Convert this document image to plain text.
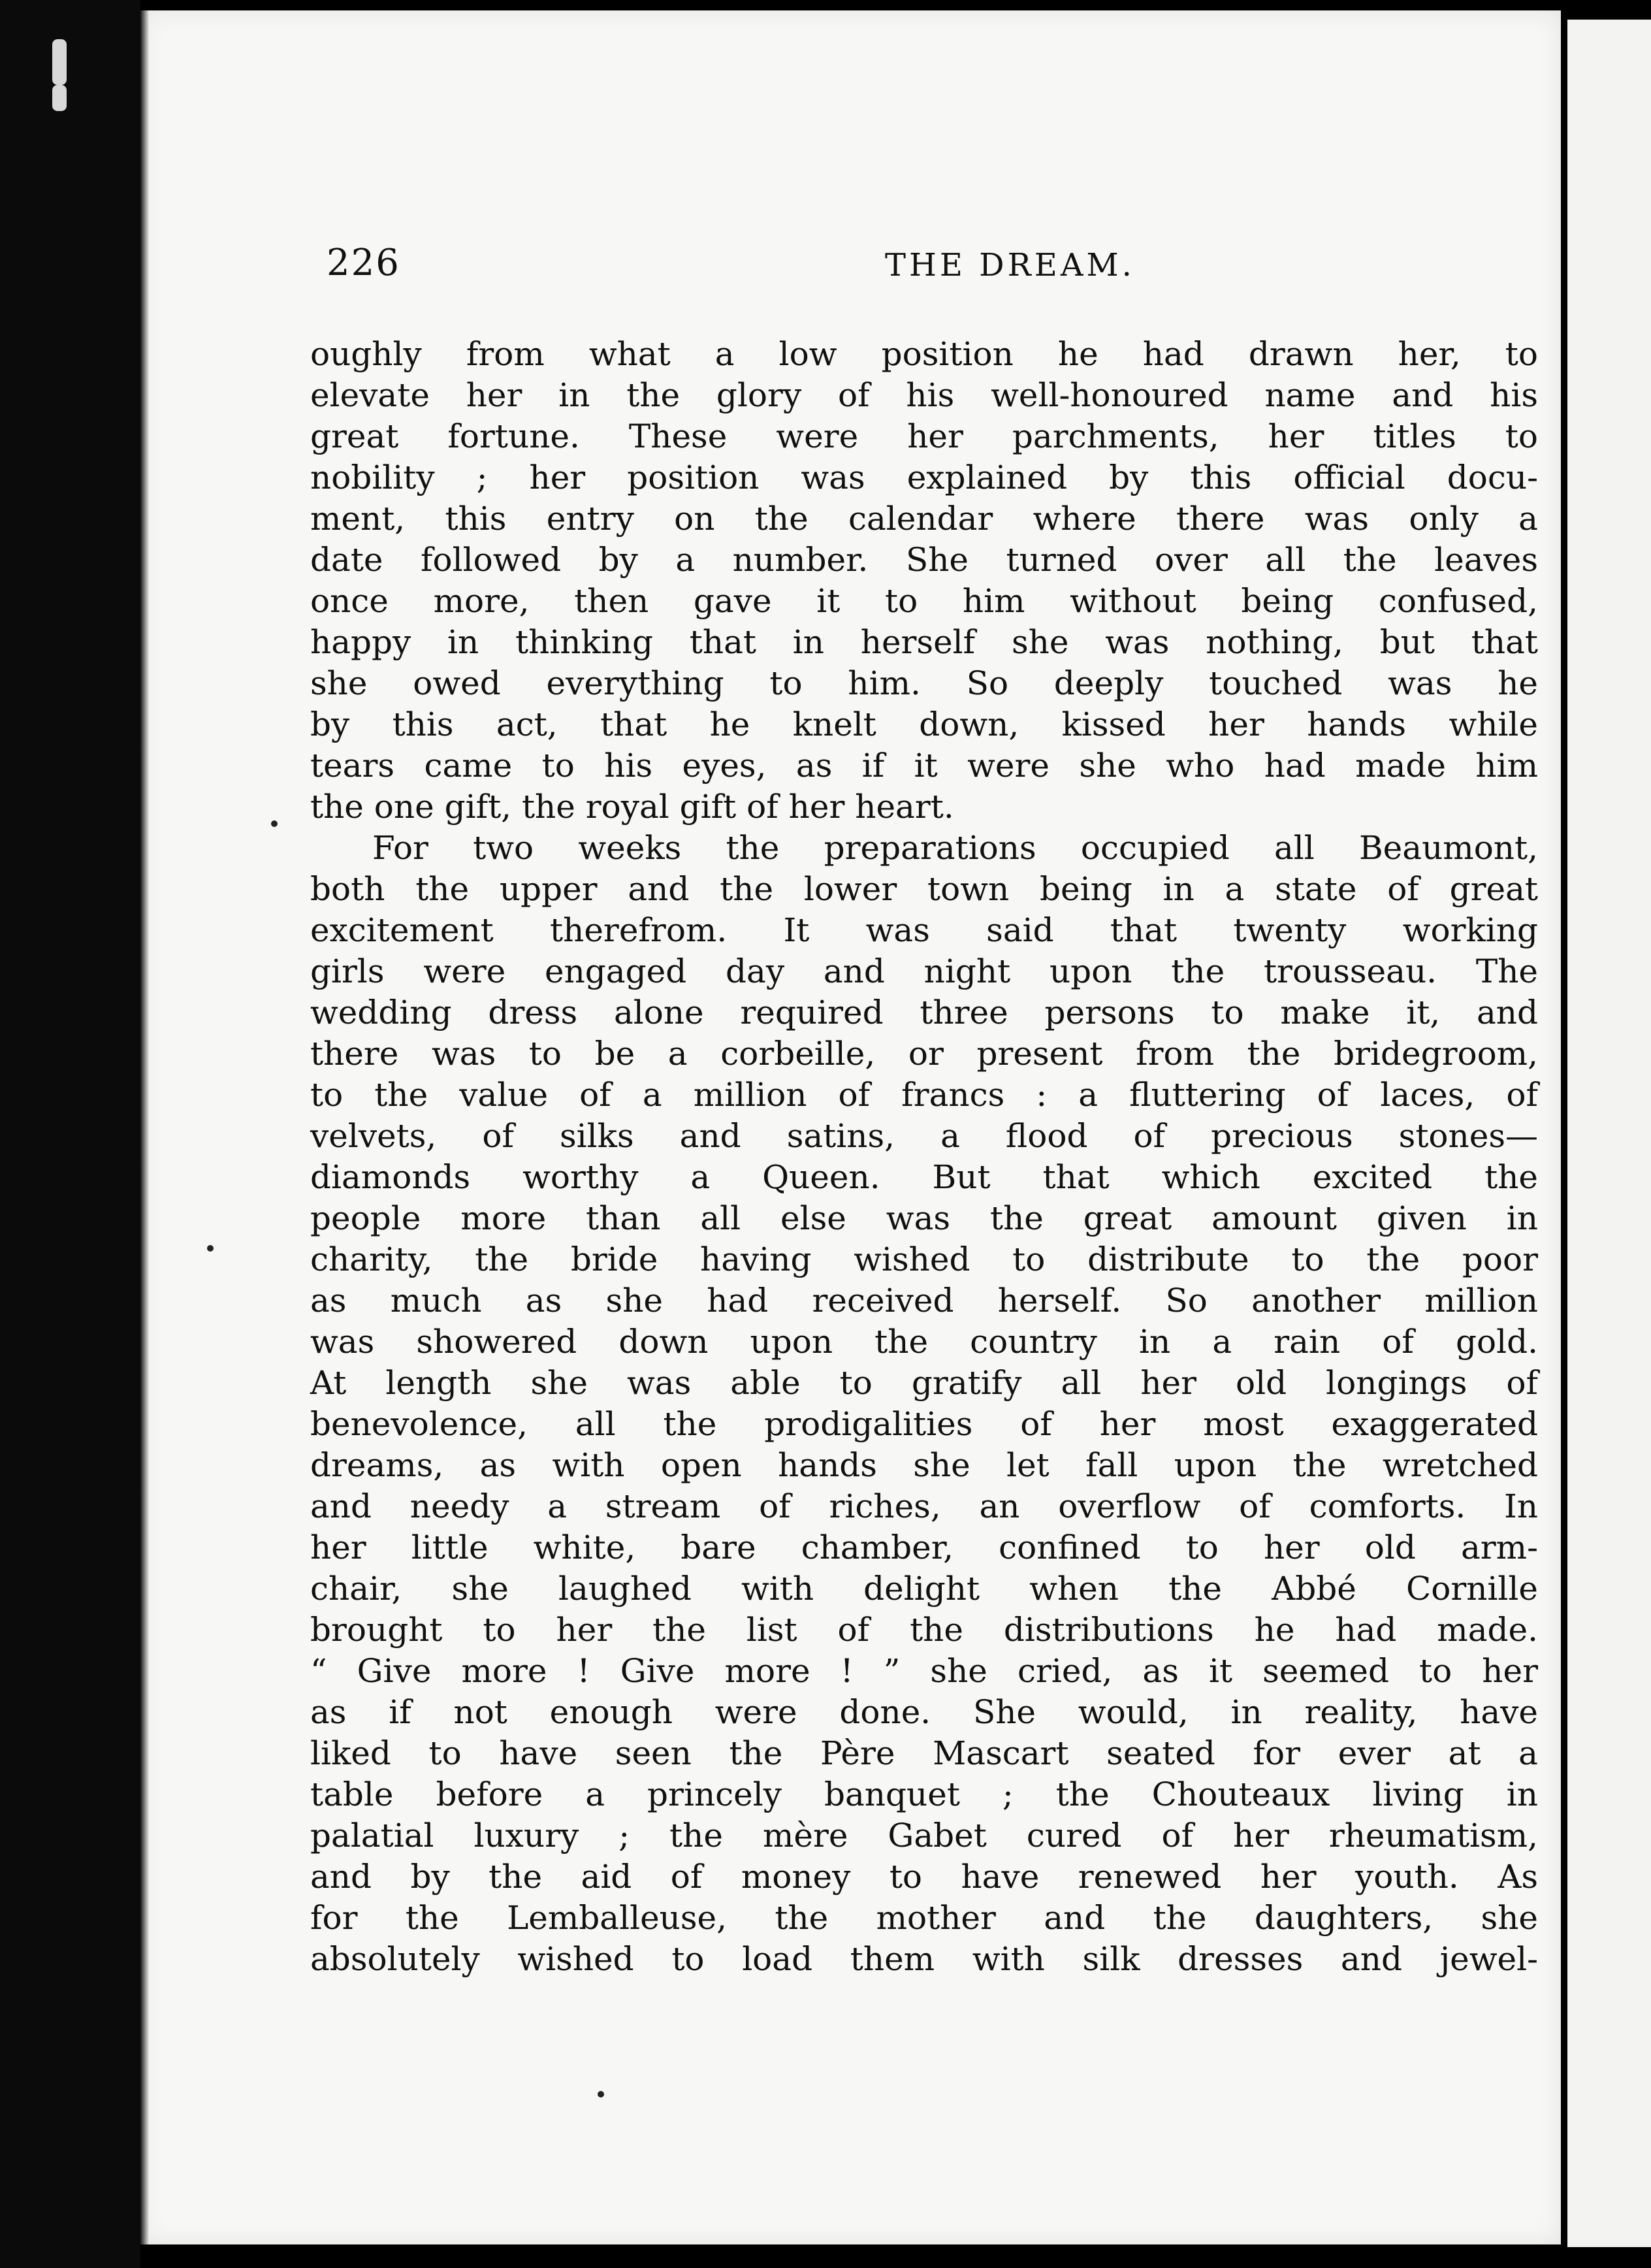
226	THE DREAM.
oughly from what a low position he had drawn her, to
elevate her in the glory of his well-honoured name and his
great fortune. These were her parchments, her titles to
nobility ; her position was explained by this official docu-
ment, this entry on the calendar where there was only a
date followed by a number. She turned over all the leaves
once more, then gave it to him without being confused,
happy in thinking that in herself she was nothing, but that
she owed everything to him. So deeply touched was he
by this act, that he knelt down, kissed her hands while
tears came to his eyes, as if it were she who had made him
the one gift, the royal gift of her heart.
For two weeks the preparations occupied all Beaumont,
both the upper and the lower town being in a state of great
excitement therefrom. It was said that twenty working
girls were engaged day and night upon the trousseau. The
wedding dress alone required three persons to make it, and
there was to be a corbeille, or present from the bridegroom,
to the value of a million of francs : a fluttering of laces, of
velvets, of silks and satins, a flood of precious stones—
diamonds worthy a Queen. But that which excited the
people more than all else was the great amount given in
charity, the bride having wished to distribute to the poor
as much as she had received herself. So another million
was showered down upon the country in a rain of gold.
At length she was able to gratify all her old longings of
benevolence, all the prodigalities of her most exaggerated
dreams, as with open hands she let fall upon the wretched
and needy a stream of riches, an overflow of comforts. In
her little white, bare chamber, confined to her old arm-
chair, she laughed with delight when the Abbé Cornille
brought to her the list of the distributions he had made.
“ Give more ! Give more ! ” she cried, as it seemed to her
as if not enough were done. She would, in reality, have
liked to have seen the Père Mascart seated for ever at a
table before a princely banquet ; the Chouteaux living in
palatial luxury ; the mère Gabet cured of her rheumatism,
and by the aid of money to have renewed her youth. As
for the Lemballeuse, the mother and the daughters, she
absolutely wished to load them with silk dresses and jewel-
